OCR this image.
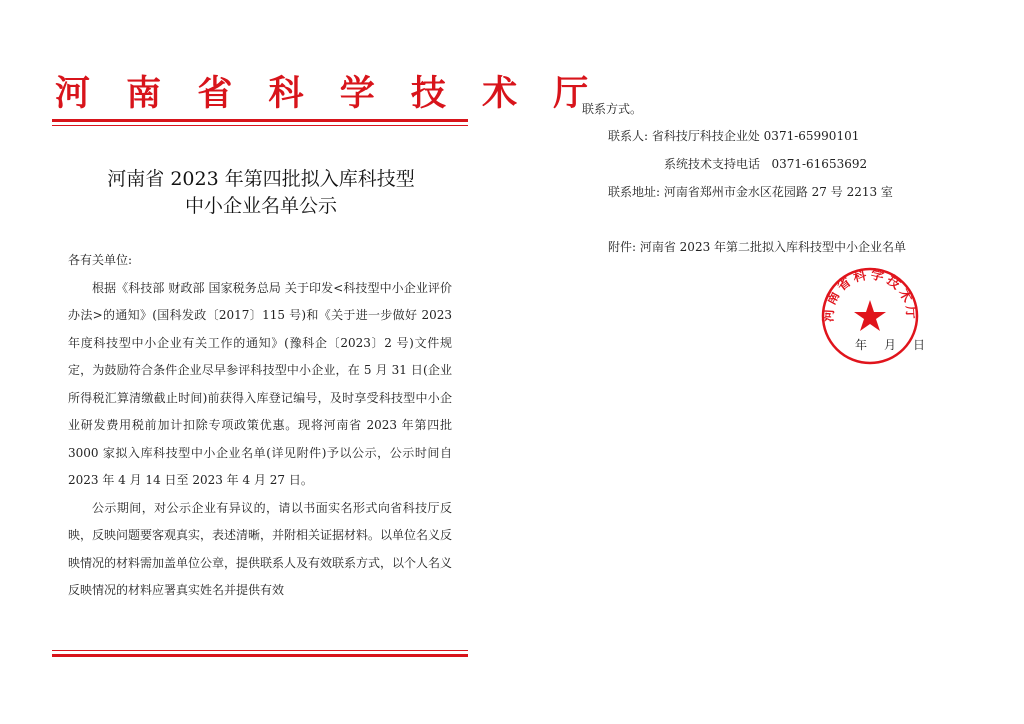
河 南 省 科 学 技 术 厅
河南省 2023 年第四批拟入库科技型
中小企业名单公示

各有关单位:

根据《科技部 财政部 国家税务总局 关于印发<科技型中小企业评价办法>的通知》(国科发政〔2017〕115 号)和《关于进一步做好 2023 年度科技型中小企业有关工作的通知》(豫科企〔2023〕2 号)文件规定，为鼓励符合条件企业尽早参评科技型中小企业，在 5 月 31 日(企业所得税汇算清缴截止时间)前获得入库登记编号，及时享受科技型中小企业研发费用税前加计扣除专项政策优惠。现将河南省 2023 年第四批 3000 家拟入库科技型中小企业名单(详见附件)予以公示，公示时间自 2023 年 4 月 14 日至 2023 年 4 月 27 日。

公示期间，对公示企业有异议的，请以书面实名形式向省科技厅反映，反映问题要客观真实，表述清晰，并附相关证据材料。以单位名义反映情况的材料需加盖单位公章，提供联系人及有效联系方式，以个人名义反映情况的材料应署真实姓名并提供有效

联系方式。
联系人: 省科技厅科技企业处 0371-65990101
系统技术支持电话   0371-61653692
联系地址: 河南省郑州市金水区花园路 27 号 2213 室
附件: 河南省 2023 年第二批拟入库科技型中小企业名单
河南省科学技术厅
年 月 日
